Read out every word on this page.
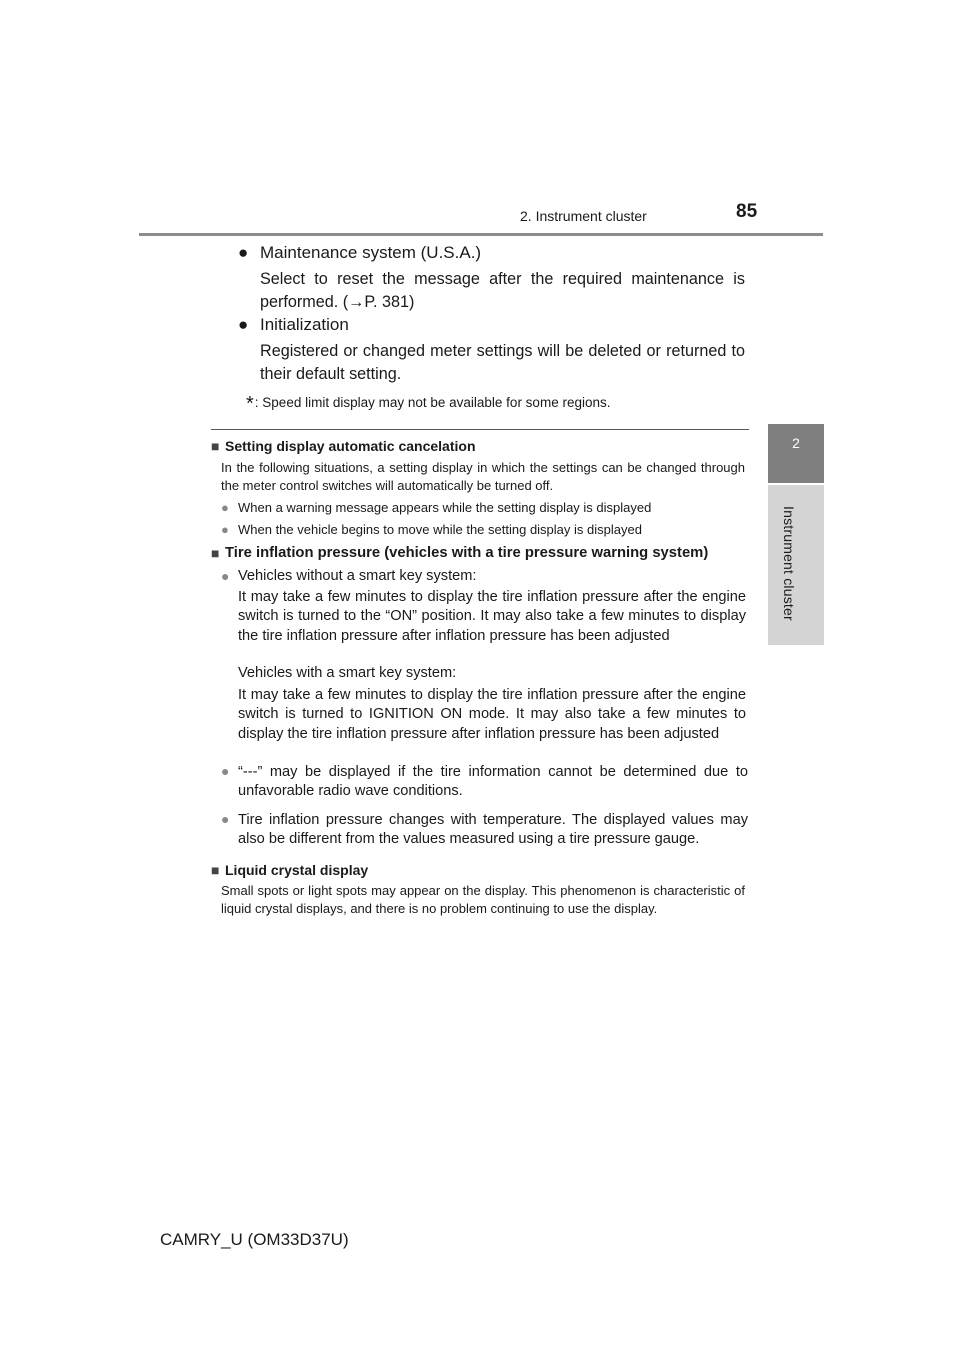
2. Instrument cluster	85
2
Instrument cluster
● Maintenance system (U.S.A.)
Select to reset the message after the required maintenance is performed. (→P. 381)
● Initialization
Registered or changed meter settings will be deleted or returned to their default setting.
*: Speed limit display may not be available for some regions.
■ Setting display automatic cancelation
In the following situations, a setting display in which the settings can be changed through the meter control switches will automatically be turned off.
● When a warning message appears while the setting display is displayed
● When the vehicle begins to move while the setting display is displayed
■ Tire inflation pressure (vehicles with a tire pressure warning system)
● Vehicles without a smart key system:
It may take a few minutes to display the tire inflation pressure after the engine switch is turned to the “ON” position. It may also take a few minutes to display the tire inflation pressure after inflation pressure has been adjusted
Vehicles with a smart key system:
It may take a few minutes to display the tire inflation pressure after the engine switch is turned to IGNITION ON mode. It may also take a few minutes to display the tire inflation pressure after inflation pressure has been adjusted
● “---” may be displayed if the tire information cannot be determined due to unfavorable radio wave conditions.
● Tire inflation pressure changes with temperature. The displayed values may also be different from the values measured using a tire pressure gauge.
■ Liquid crystal display
Small spots or light spots may appear on the display. This phenomenon is characteristic of liquid crystal displays, and there is no problem continuing to use the display.
CAMRY_U (OM33D37U)
